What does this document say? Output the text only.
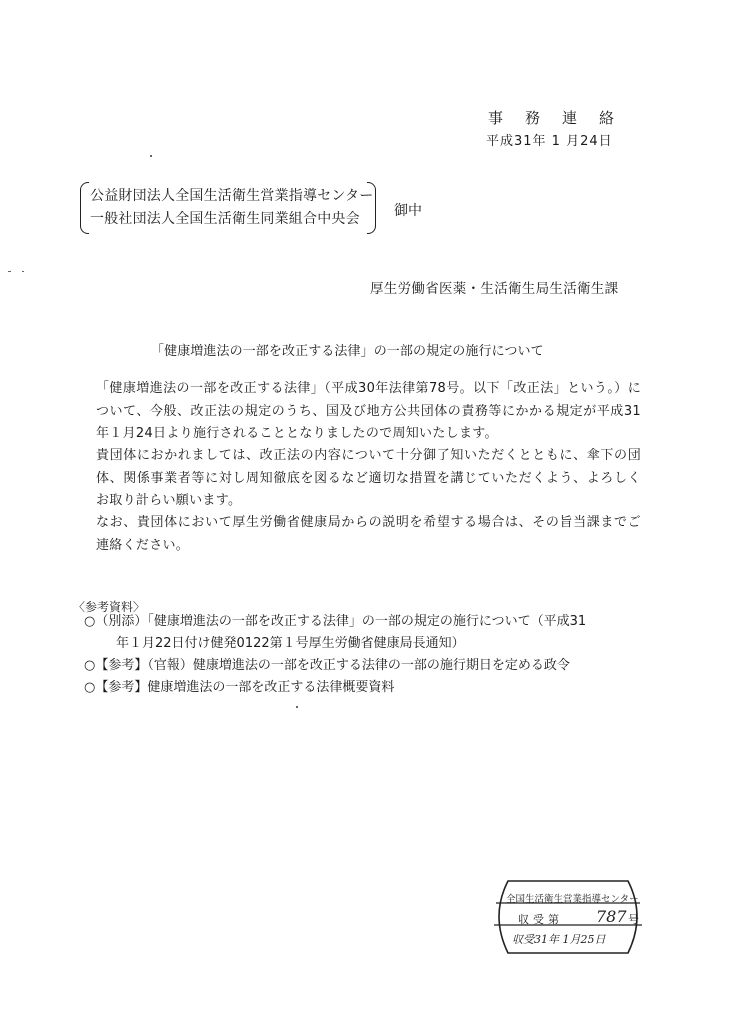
事務連絡
平成31年 1 月24日
公益財団法人全国生活衛生営業指導センター
一般社団法人全国生活衛生同業組合中央会 御中
厚生労働省医薬・生活衛生局生活衛生課
「健康増進法の一部を改正する法律」の一部の規定の施行について
「健康増進法の一部を改正する法律」（平成30年法律第78号。以下「改正法」という。）について、今般、改正法の規定のうち、国及び地方公共団体の責務等にかかる規定が平成31年１月24日より施行されることとなりましたので周知いたします。
貴団体におかれましては、改正法の内容について十分御了知いただくとともに、傘下の団体、関係事業者等に対し周知徹底を図るなど適切な措置を講じていただくよう、よろしくお取り計らい願います。
なお、貴団体において厚生労働省健康局からの説明を希望する場合は、その旨当課までご連絡ください。
〈参考資料〉
○（別添）「健康増進法の一部を改正する法律」の一部の規定の施行について（平成31
年１月22日付け健発0122第１号厚生労働省健康局長通知）
○【参考】（官報）健康増進法の一部を改正する法律の一部の施行期日を定める政令
○【参考】健康増進法の一部を改正する法律概要資料
全国生活衛生営業指導センター
収受第 787 号
収受31年 1月25日
